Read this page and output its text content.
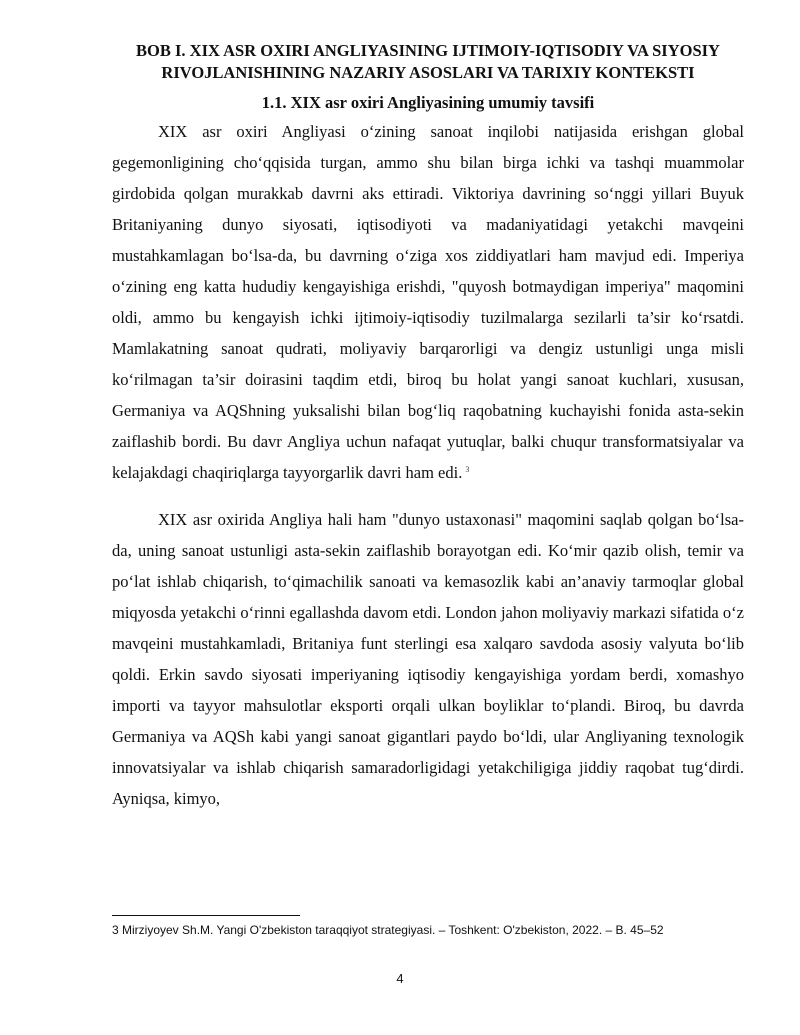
BOB I. XIX ASR OXIRI ANGLIYASINING IJTIMOIY-IQTISODIY VA SIYOSIY RIVOJLANISHINING NAZARIY ASOSLARI VA TARIXIY KONTEKSTI
1.1. XIX asr oxiri Angliyasining umumiy tavsifi

XIX asr oxiri Angliyasi o‘zining sanoat inqilobi natijasida erishgan global gegemonligining cho‘qqisida turgan, ammo shu bilan birga ichki va tashqi muammolar girdobida qolgan murakkab davrni aks ettiradi. Viktoriya davrining so‘nggi yillari Buyuk Britaniyaning dunyo siyosati, iqtisodiyoti va madaniyatidagi yetakchi mavqeini mustahkamlagan bo‘lsa-da, bu davrning o‘ziga xos ziddiyatlari ham mavjud edi. Imperiya o‘zining eng katta hududiy kengayishiga erishdi, "quyosh botmaydigan imperiya" maqomini oldi, ammo bu kengayish ichki ijtimoiy-iqtisodiy tuzilmalarga sezilarli ta’sir ko‘rsatdi. Mamlakatning sanoat qudrati, moliyaviy barqarorligi va dengiz ustunligi unga misli ko‘rilmagan ta’sir doirasini taqdim etdi, biroq bu holat yangi sanoat kuchlari, xususan, Germaniya va AQShning yuksalishi bilan bog‘liq raqobatning kuchayishi fonida asta-sekin zaiflashib bordi. Bu davr Angliya uchun nafaqat yutuqlar, balki chuqur transformatsiyalar va kelajakdagi chaqiriqlarga tayyorgarlik davri ham edi. $^3$

XIX asr oxirida Angliya hali ham "dunyo ustaxonasi" maqomini saqlab qolgan bo‘lsa-da, uning sanoat ustunligi asta-sekin zaiflashib borayotgan edi. Ko‘mir qazib olish, temir va po‘lat ishlab chiqarish, to‘qimachilik sanoati va kemasozlik kabi an’anaviy tarmoqlar global miqyosda yetakchi o‘rinni egallashda davom etdi. London jahon moliyaviy markazi sifatida o‘z mavqeini mustahkamladi, Britaniya funt sterlingi esa xalqaro savdoda asosiy valyuta bo‘lib qoldi. Erkin savdo siyosati imperiyaning iqtisodiy kengayishiga yordam berdi, xomashyo importi va tayyor mahsulotlar eksporti orqali ulkan boyliklar to‘plandi. Biroq, bu davrda Germaniya va AQSh kabi yangi sanoat gigantlari paydo bo‘ldi, ular Angliyaning texnologik innovatsiyalar va ishlab chiqarish samaradorligidagi yetakchiligiga jiddiy raqobat tug‘dirdi. Ayniqsa, kimyo,

3 Mirziyoyev Sh.M. Yangi O'zbekiston taraqqiyot strategiyasi. – Toshkent: O'zbekiston, 2022. – B. 45–52
4
